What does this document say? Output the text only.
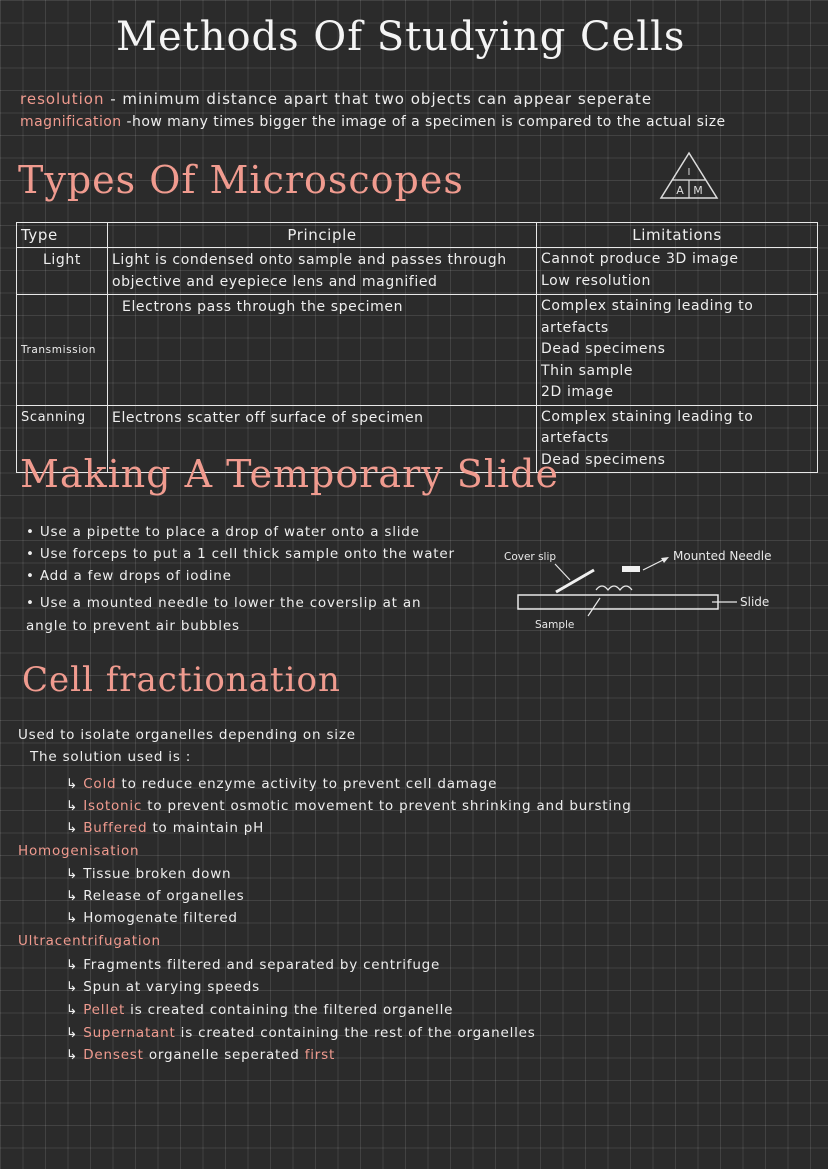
Methods Of Studying Cells
resolution - minimum distance apart that two objects can appear seperate
magnification -how many times bigger the image of a specimen is compared to the actual size
Types Of Microscopes	I
A M
Type	Principle	Limitations
Light	Light is condensed onto sample and passes through objective and eyepiece lens and magnified	Cannot produce 3D image
Low resolution

Transmission	Electrons pass through the specimen	Complex staining leading to artefacts
Dead specimens
Thin sample
2D image

Scanning	Electrons scatter off surface of specimen	Complex staining leading to artefacts
Dead specimens
Making A Temporary Slide
• Use a pipette to place a drop of water onto a slide
• Use forceps to put a 1 cell thick sample onto the water
• Add a few drops of iodine
• Use a mounted needle to lower the coverslip at an angle to prevent air bubbles
Cover slip	Mounted Needle
Slide
Sample
Cell fractionation
Used to isolate organelles depending on size
The solution used is :
↳ Cold to reduce enzyme activity to prevent cell damage
↳ Isotonic to prevent osmotic movement to prevent shrinking and bursting
↳ Buffered to maintain pH
Homogenisation
↳ Tissue broken down
↳ Release of organelles
↳ Homogenate filtered
Ultracentrifugation
↳ Fragments filtered and separated by centrifuge
↳ Spun at varying speeds
↳ Pellet is created containing the filtered organelle
↳ Supernatant is created containing the rest of the organelles
↳ Densest organelle seperated first
